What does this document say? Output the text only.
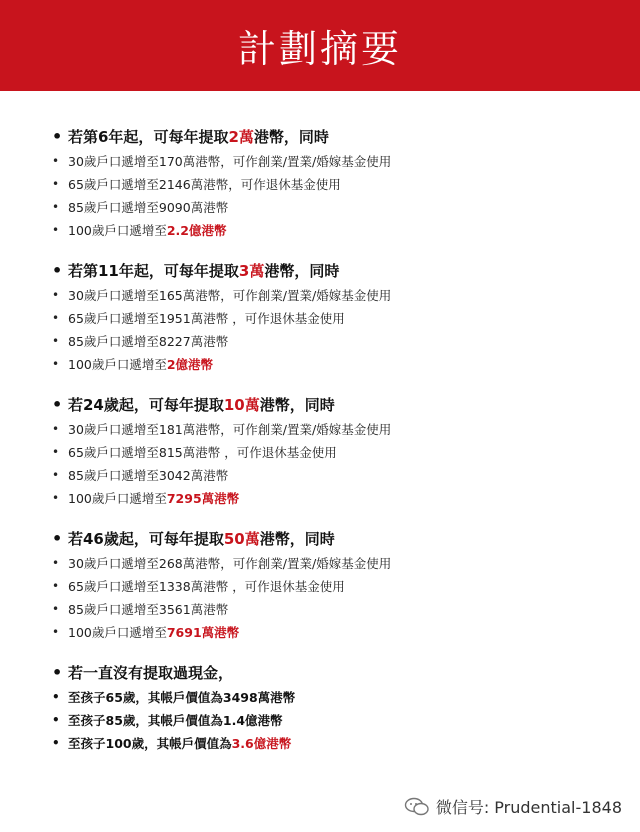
計劃摘要
• 若第6年起，可每年提取 2萬 港幣，同時
• 30歲戶口遞增至170萬港幣，可作創業/置業/婚嫁基金使用
• 65歲戶口遞增至2146萬港幣，可作退休基金使用
• 85歲戶口遞增至9090萬港幣
• 100歲戶口遞增至 2.2億港幣
• 若第11年起，可每年提取 3萬 港幣，同時
• 30歲戶口遞增至165萬港幣，可作創業/置業/婚嫁基金使用
• 65歲戶口遞增至1951萬港幣 ，可作退休基金使用
• 85歲戶口遞增至8227萬港幣
• 100歲戶口遞增至 2億港幣
• 若24歲起，可每年提取 10萬 港幣，同時
• 30歲戶口遞增至181萬港幣，可作創業/置業/婚嫁基金使用
• 65歲戶口遞增至815萬港幣 ，可作退休基金使用
• 85歲戶口遞增至3042萬港幣
• 100歲戶口遞增至 7295萬港幣
• 若46歲起，可每年提取 50萬 港幣，同時
• 30歲戶口遞增至268萬港幣，可作創業/置業/婚嫁基金使用
• 65歲戶口遞增至1338萬港幣 ，可作退休基金使用
• 85歲戶口遞增至3561萬港幣
• 100歲戶口遞增至 7691萬港幣
• 若一直沒有提取過現金，
• 至孩子65歲，其帳戶價值為3498萬港幣
• 至孩子85歲，其帳戶價值為1.4億港幣
• 至孩子100歲，其帳戶價值為 3.6億港幣
微信号: Prudential-1848
